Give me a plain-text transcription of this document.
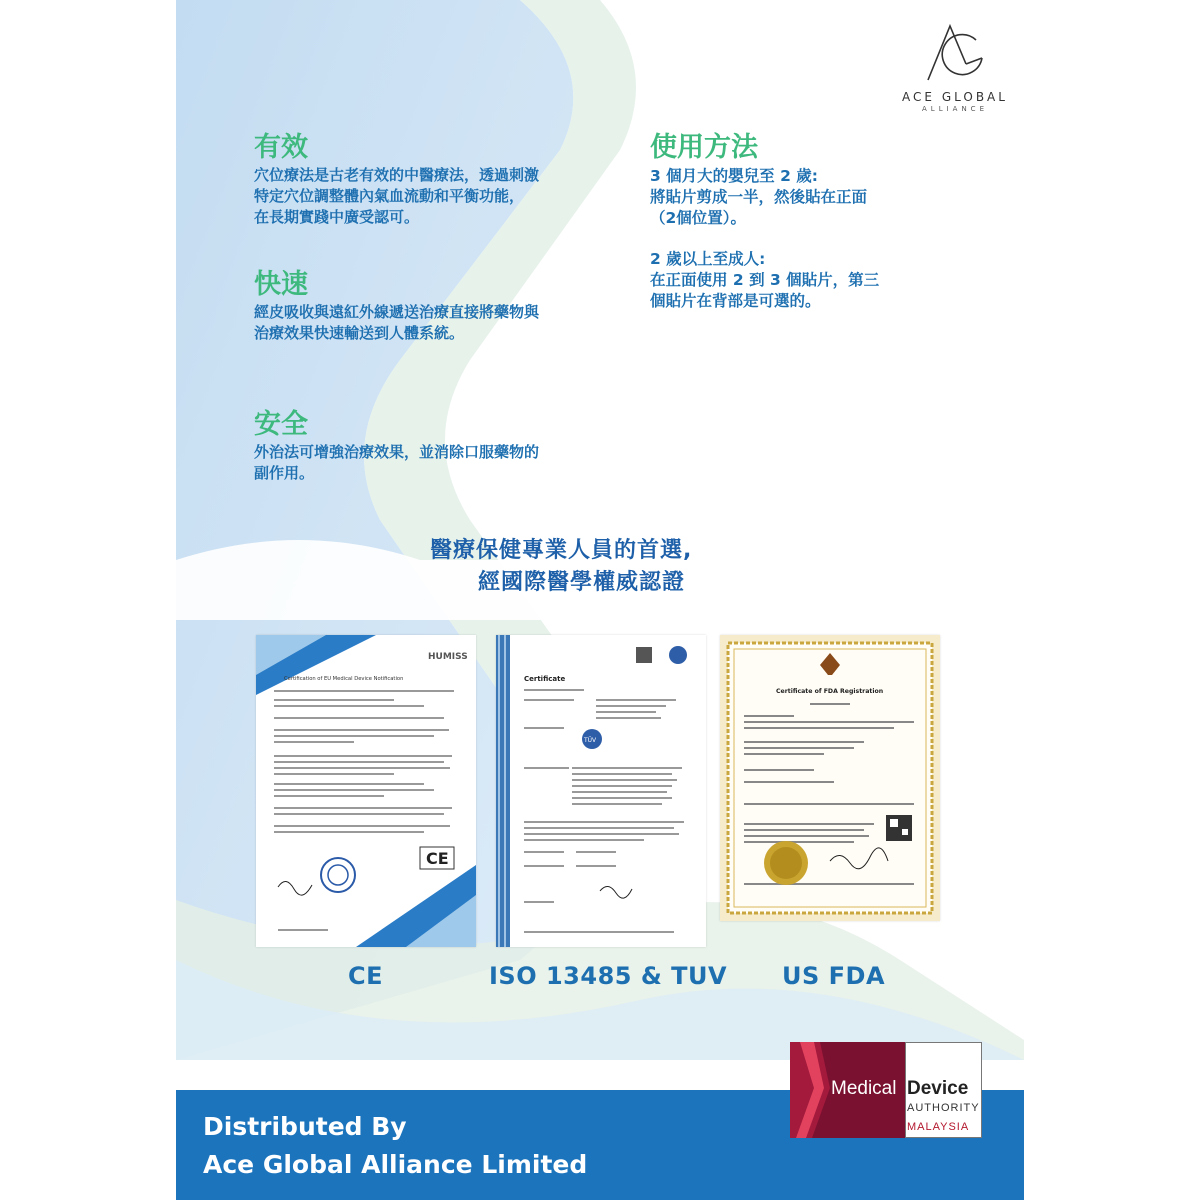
ACE GLOBAL
ALLIANCE
有效

穴位療法是古老有效的中醫療法，透過刺激
特定穴位調整體內氣血流動和平衡功能，
在長期實踐中廣受認可。

快速

經皮吸收與遠紅外線遞送治療直接將藥物與
治療效果快速輸送到人體系統。

安全

外治法可增強治療效果，並消除口服藥物的
副作用。

使用方法

3 個月大的嬰兒至 2 歲:
將貼片剪成一半，然後貼在正面
（2個位置）。

2 歲以上至成人:
在正面使用 2 到 3 個貼片，第三
個貼片在背部是可選的。

醫療保健專業人員的首選,
經國際醫學權威認證
HUMISS
Certification of EU Medical Device Notification
CE
Certificate
TÜV
Certificate of FDA Registration
CE	ISO 13485 & TUV US FDA
Distributed By
Ace Global Alliance Limited
Medical Device
AUTHORITY
MALAYSIA
